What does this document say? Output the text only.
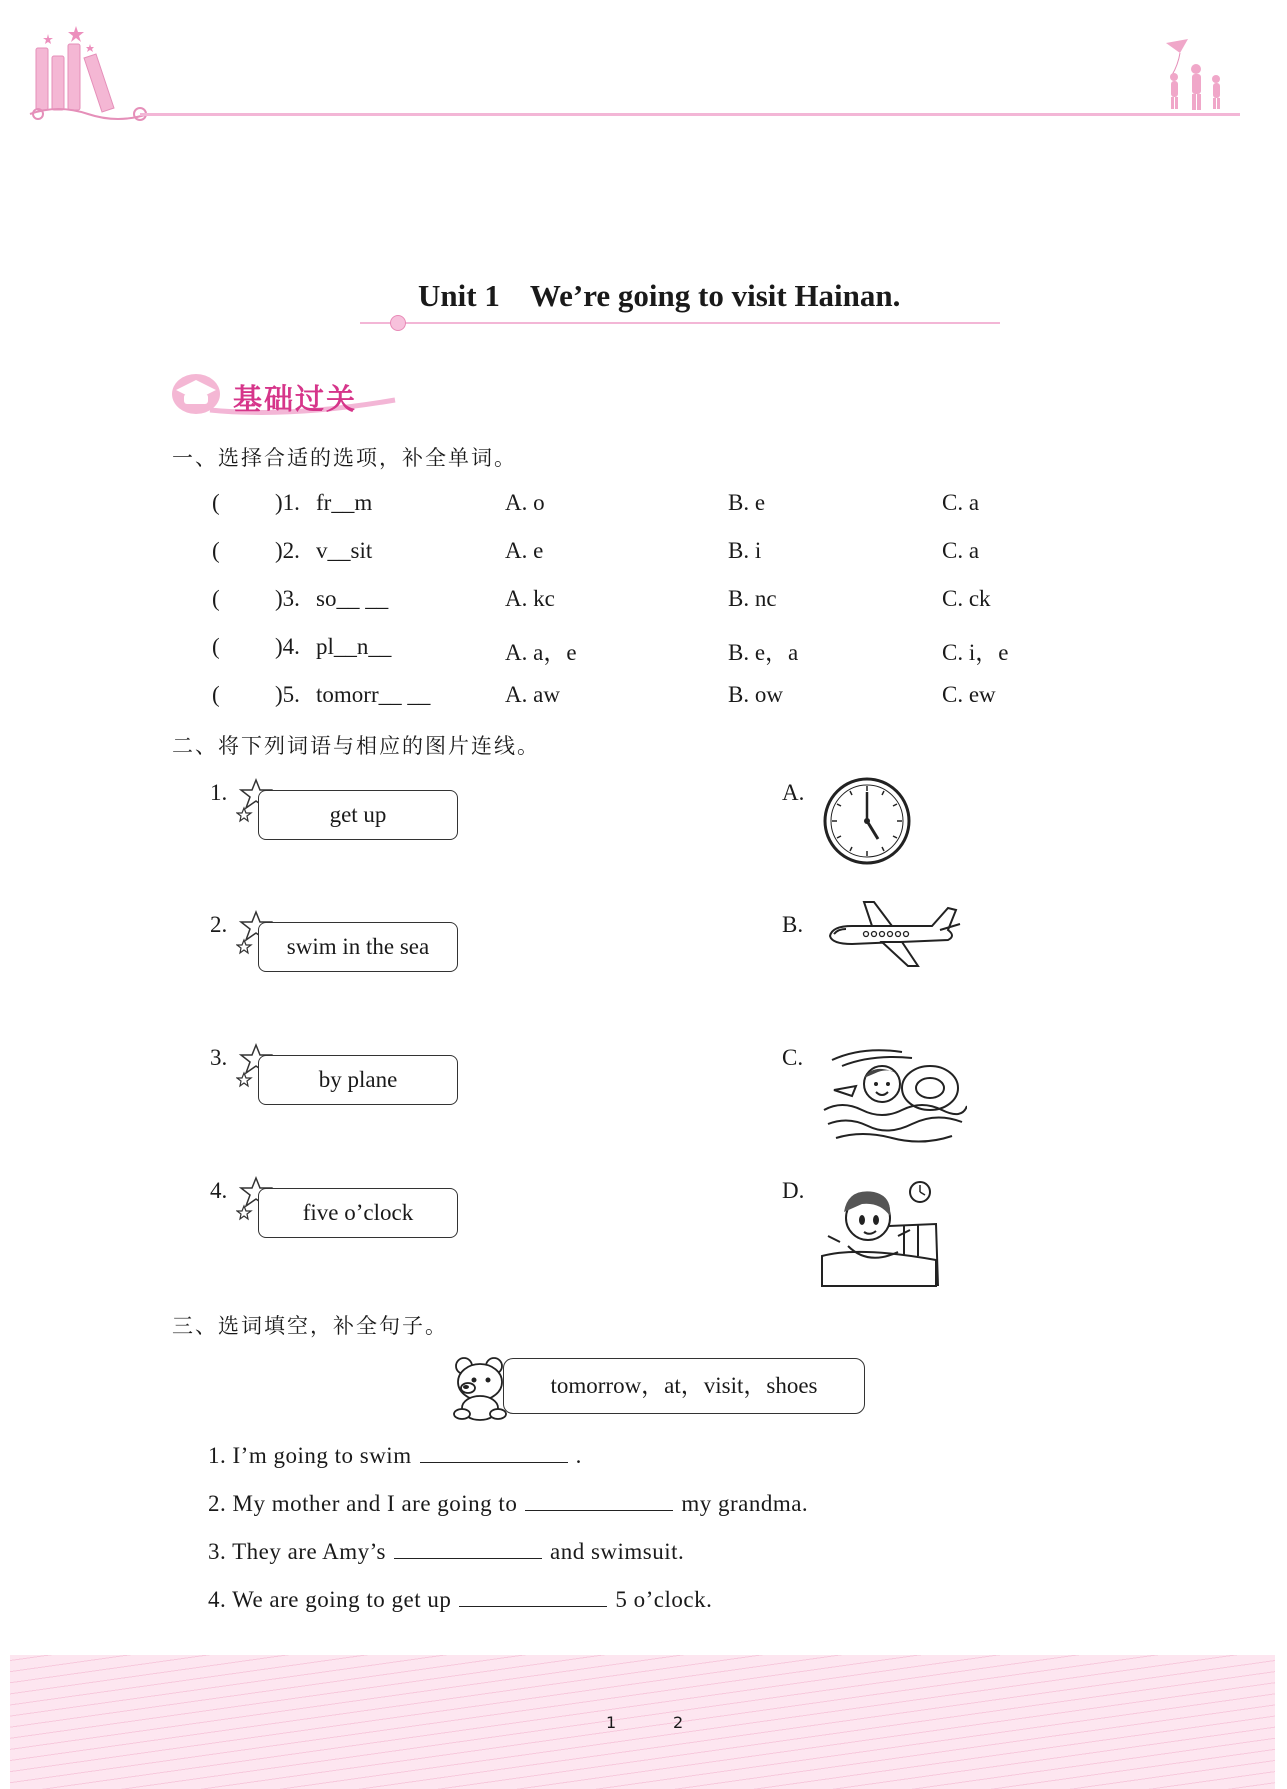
Unit 1 We’re going to visit Hainan.
基础过关
一、选择合适的选项，补全单词。
( )1. fr__m	A. o	B. e	C. a
( )2. v__sit	A. e	B. i	C. a
( )3. so__ __	A. kc	B. nc	C. ck
( )4. pl__n__	A. a，e	B. e，a	C. i，e
( )5. tomorr__ __	A. aw	B. ow	C. ew
二、将下列词语与相应的图片连线。
1.
get up
2.
swim in the sea
3.
by plane
4.
five o’clock
A.
B.
C.
D.
三、选词填空，补全句子。
tomorrow，at，visit，shoes
1. I’m going to swim	.
2. My mother and I are going to	my grandma.
3. They are Amy’s	and swimsuit.
4. We are going to get up	5 o’clock.
1	2
